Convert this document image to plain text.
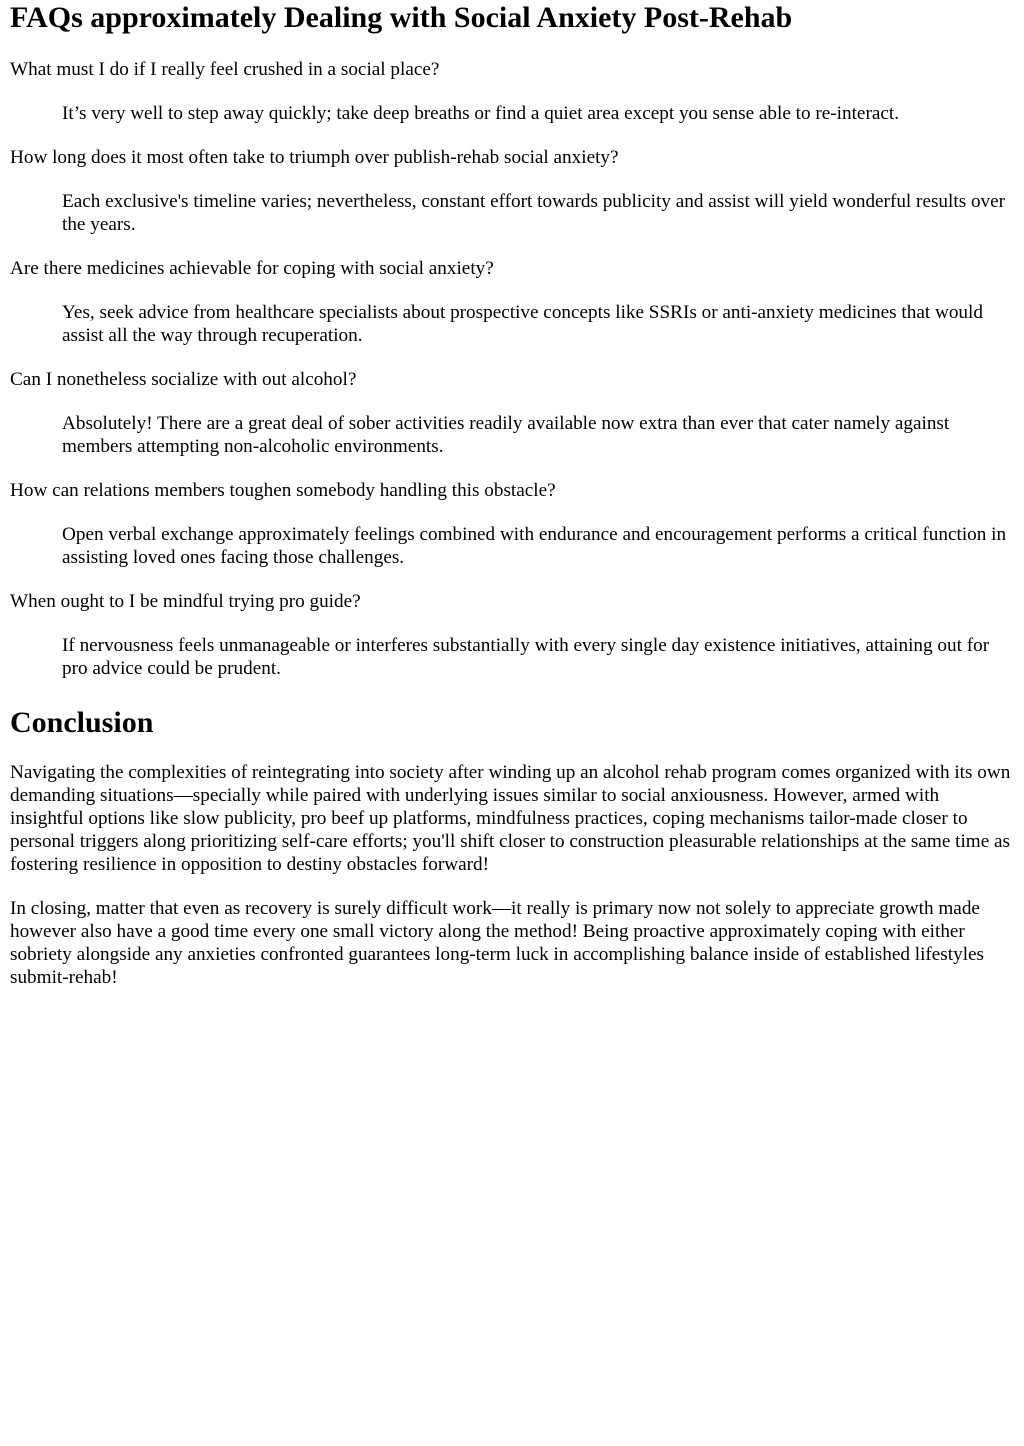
FAQs approximately Dealing with Social Anxiety Post-Rehab

What must I do if I really feel crushed in a social place?

It’s very well to step away quickly; take deep breaths or find a quiet area except you sense able to re-interact.

How long does it most often take to triumph over publish-rehab social anxiety?

Each exclusive's timeline varies; nevertheless, constant effort towards publicity and assist will yield wonderful results over the years.

Are there medicines achievable for coping with social anxiety?

Yes, seek advice from healthcare specialists about prospective concepts like SSRIs or anti-anxiety medicines that would assist all the way through recuperation.

Can I nonetheless socialize with out alcohol?

Absolutely! There are a great deal of sober activities readily available now extra than ever that cater namely against members attempting non-alcoholic environments.

How can relations members toughen somebody handling this obstacle?

Open verbal exchange approximately feelings combined with endurance and encouragement performs a critical function in assisting loved ones facing those challenges.

When ought to I be mindful trying pro guide?

If nervousness feels unmanageable or interferes substantially with every single day existence initiatives, attaining out for pro advice could be prudent.

Conclusion

Navigating the complexities of reintegrating into society after winding up an alcohol rehab program comes organized with its own demanding situations—specially while paired with underlying issues similar to social anxiousness. However, armed with insightful options like slow publicity, pro beef up platforms, mindfulness practices, coping mechanisms tailor-made closer to personal triggers along prioritizing self-care efforts; you'll shift closer to construction pleasurable relationships at the same time as fostering resilience in opposition to destiny obstacles forward!

In closing, matter that even as recovery is surely difficult work—it really is primary now not solely to appreciate growth made however also have a good time every one small victory along the method! Being proactive approximately coping with either sobriety alongside any anxieties confronted guarantees long-term luck in accomplishing balance inside of established lifestyles submit-rehab!
